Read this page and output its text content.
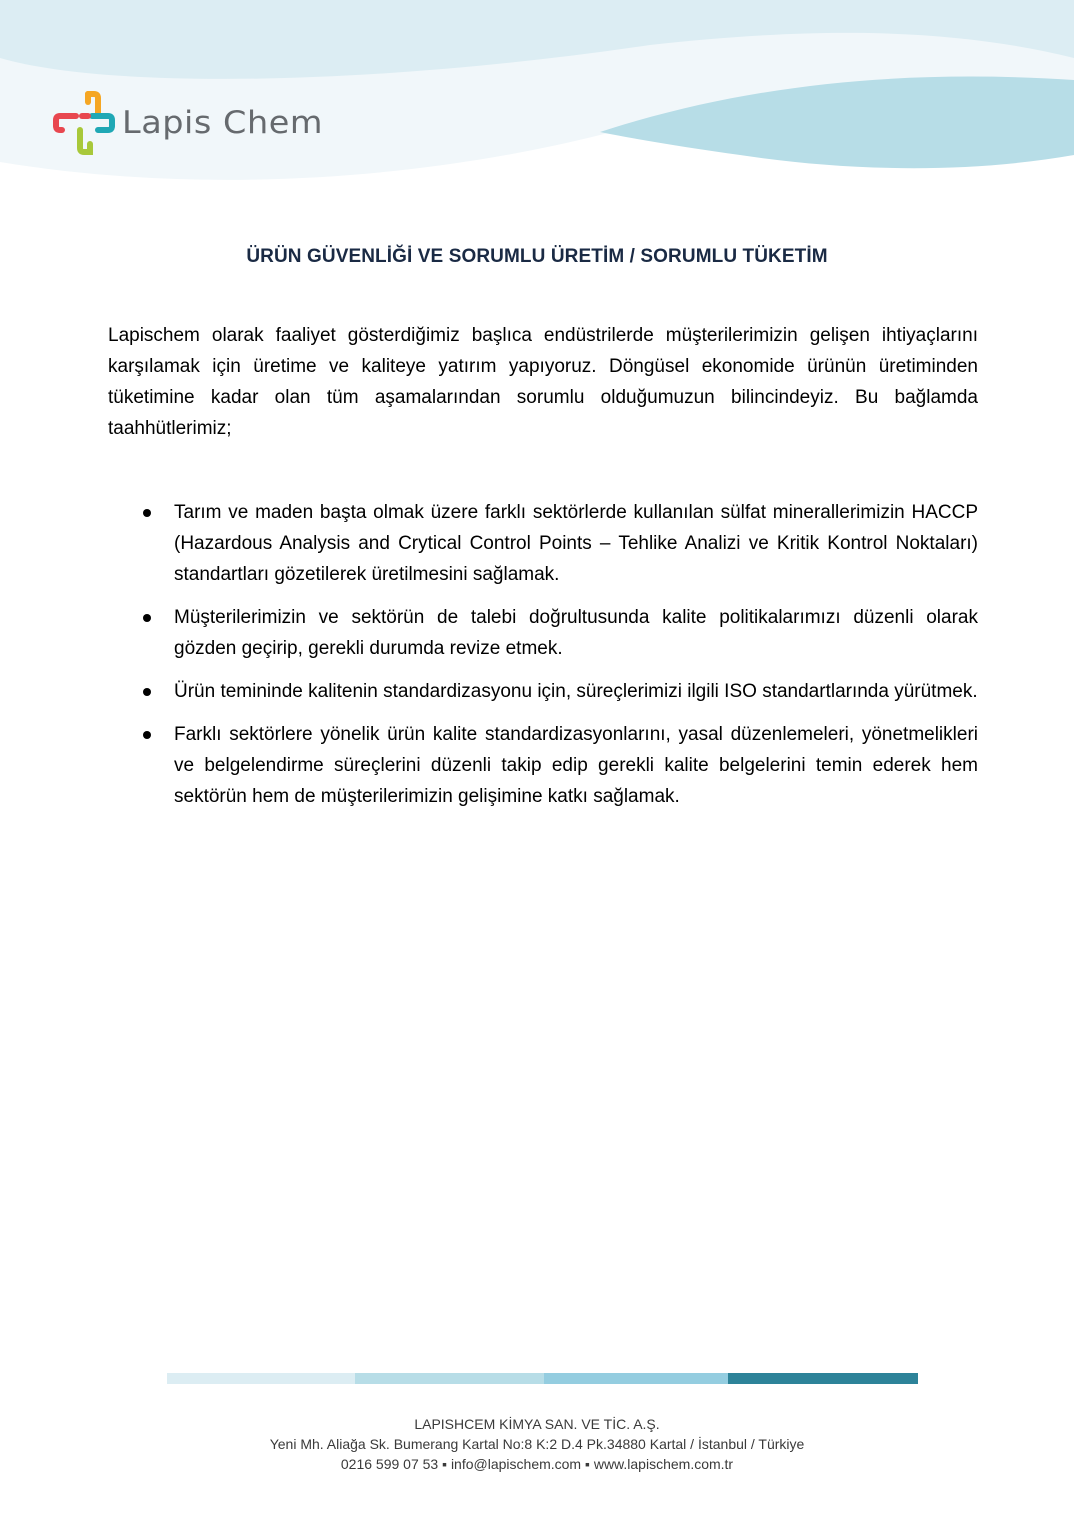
Lapis Chem
ÜRÜN GÜVENLİĞİ VE SORUMLU ÜRETİM / SORUMLU TÜKETİM

Lapischem olarak faaliyet gösterdiğimiz başlıca endüstrilerde müşterilerimizin gelişen ihtiyaçlarını karşılamak için üretime ve kaliteye yatırım yapıyoruz. Döngüsel ekonomide ürünün üretiminden tüketimine kadar olan tüm aşamalarından sorumlu olduğumuzun bilincindeyiz. Bu bağlamda taahhütlerimiz;

Tarım ve maden başta olmak üzere farklı sektörlerde kullanılan sülfat minerallerimizin HACCP (Hazardous Analysis and Crytical Control Points – Tehlike Analizi ve Kritik Kontrol Noktaları) standartları gözetilerek üretilmesini sağlamak.
Müşterilerimizin ve sektörün de talebi doğrultusunda kalite politikalarımızı düzenli olarak gözden geçirip, gerekli durumda revize etmek.
Ürün temininde kalitenin standardizasyonu için, süreçlerimizi ilgili ISO standartlarında yürütmek.
Farklı sektörlere yönelik ürün kalite standardizasyonlarını, yasal düzenlemeleri, yönetmelikleri ve belgelendirme süreçlerini düzenli takip edip gerekli kalite belgelerini temin ederek hem sektörün hem de müşterilerimizin gelişimine katkı sağlamak.
LAPISHCEM KİMYA SAN. VE TİC. A.Ş.
Yeni Mh. Aliağa Sk. Bumerang Kartal No:8 K:2 D.4 Pk.34880 Kartal / İstanbul / Türkiye
0216 599 07 53 ▪ info@lapischem.com ▪ www.lapischem.com.tr
